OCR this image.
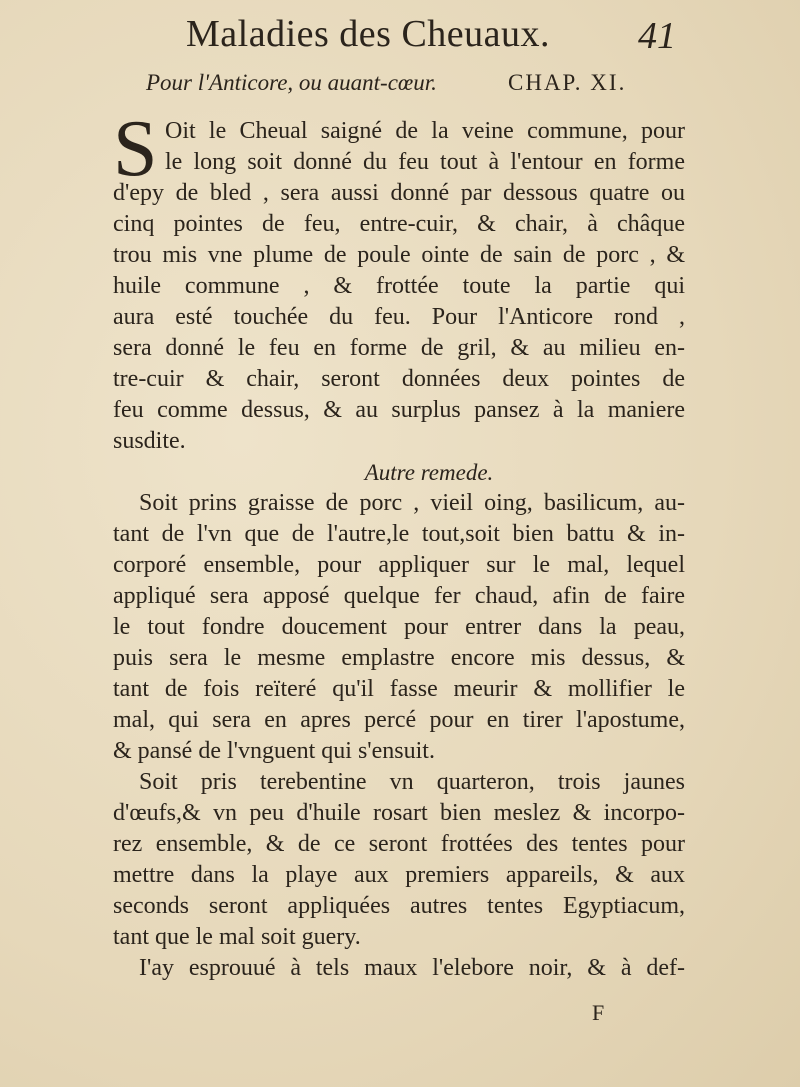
Maladies des Cheuaux. 41
Pour l'Anticore, ou auant-cœur.	CHAP. XI.
S Oit le Cheual saigné de la veine commune, pour
le long soit donné du feu tout à l'entour en forme
d'epy de bled , sera aussi donné par dessous quatre ou
cinq pointes de feu, entre-cuir, & chair, à châque
trou mis vne plume de poule ointe de sain de porc , &
huile commune , & frottée toute la partie qui
aura esté touchée du feu. Pour l'Anticore rond ,
sera donné le feu en forme de gril, & au milieu en-
tre-cuir & chair, seront données deux pointes de
feu comme dessus, & au surplus pansez à la maniere
susdite.
Autre remede.
Soit prins graisse de porc , vieil oing, basilicum, au-
tant de l'vn que de l'autre,le tout,soit bien battu & in-
corporé ensemble, pour appliquer sur le mal, lequel
appliqué sera apposé quelque fer chaud, afin de faire
le tout fondre doucement pour entrer dans la peau,
puis sera le mesme emplastre encore mis dessus, &
tant de fois reïteré qu'il fasse meurir & mollifier le
mal, qui sera en apres percé pour en tirer l'apostume,
& pansé de l'vnguent qui s'ensuit.
Soit pris terebentine vn quarteron, trois jaunes
d'œufs,& vn peu d'huile rosart bien meslez & incorpo-
rez ensemble, & de ce seront frottées des tentes pour
mettre dans la playe aux premiers appareils, & aux
seconds seront appliquées autres tentes Egyptiacum,
tant que le mal soit guery.
I'ay esprouué à tels maux l'elebore noir, & à def-
F
